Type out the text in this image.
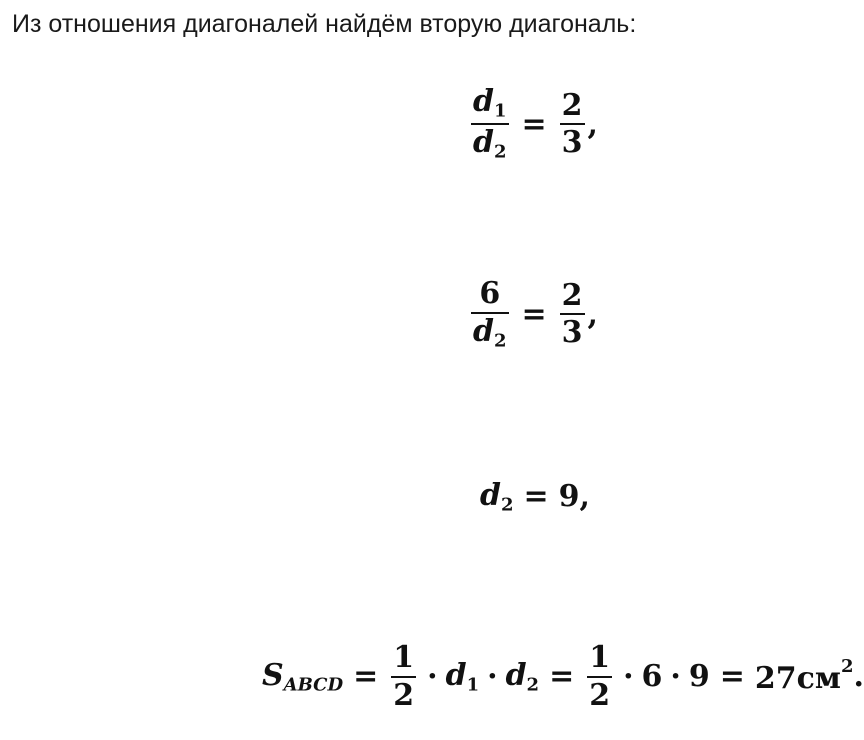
Из отношения диагоналей найдём вторую диагональ:

$\frac{d_1}{d_2} = \frac{2}{3}$ ,
$\frac{6}{d_2} = \frac{2}{3}$ ,
$d_2 = 9$ ,
$S_{ABCD} = \frac{1}{2} \cdot d_1 \cdot d_2 = \frac{1}{2} \cdot 6 \cdot 9 = 27см^2$ .
